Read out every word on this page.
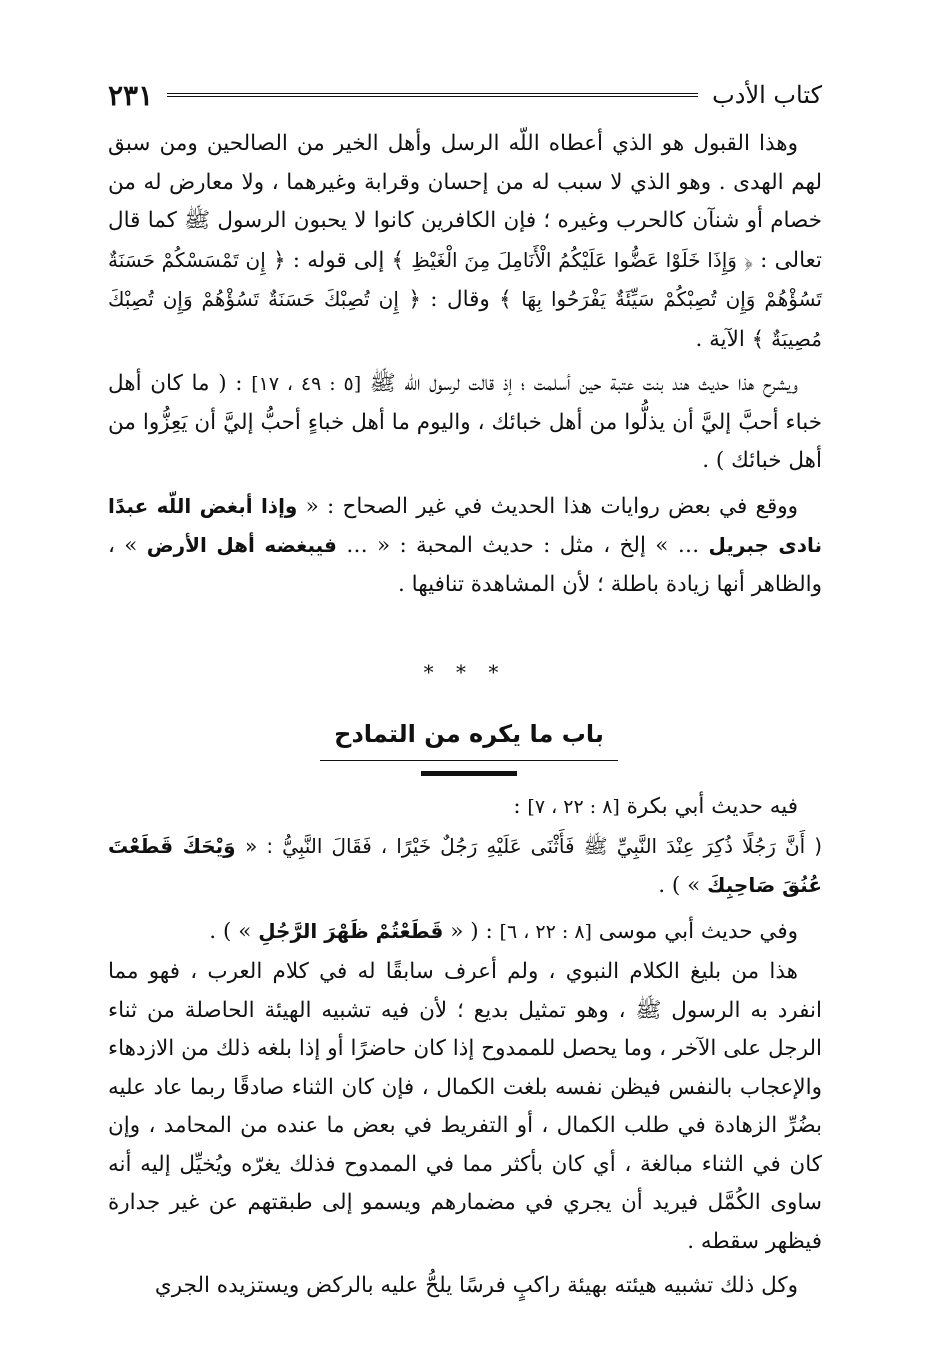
كتاب الأدب
٢٣١

وهذا القبول هو الذي أعطاه اللّه الرسل وأهل الخير من الصالحين ومن سبق لهم الهدى . وهو الذي لا سبب له من إحسان وقرابة وغيرهما ، ولا معارض له من خصام أو شنآن كالحرب وغيره ؛ فإن الكافرين كانوا لا يحبون الرسول ﷺ كما قال تعالى : ﴿ وَإِذَا خَلَوْا عَضُّوا عَلَيْكُمُ الْأَنَامِلَ مِنَ الْغَيْظِ ﴾ إلى قوله : ﴿ إِن تَمْسَسْكُمْ حَسَنَةٌ تَسُؤْهُمْ وَإِن تُصِبْكُمْ سَيِّئَةٌ يَفْرَحُوا بِهَا ﴾ وقال : ﴿ إِن تُصِبْكَ حَسَنَةٌ تَسُؤْهُمْ وَإِن تُصِبْكَ مُصِيبَةٌ ﴾ الآية .

ويشرح هذا حديث هند بنت عتبة حين أسلمت ؛ إذ قالت لرسول اللّه ﷺ [٥ : ٤٩ ، ١٧] : ( ما كان أهل خباء أحبَّ إليَّ أن يذلُّوا من أهل خبائك ، واليوم ما أهل خباءٍ أحبُّ إليَّ أن يَعِزُّوا من أهل خبائك ) .

ووقع في بعض روايات هذا الحديث في غير الصحاح : « وإذا أبغض اللّه عبدًا نادى جبريل … » إلخ ، مثل : حديث المحبة : « … فيبغضه أهل الأرض » ، والظاهر أنها زيادة باطلة ؛ لأن المشاهدة تنافيها .

* * *
باب ما يكره من التمادح

فيه حديث أبي بكرة [٨ : ٢٢ ، ٧] :

( أَنَّ رَجُلًا ذُكِرَ عِنْدَ النَّبِيِّ ﷺ فَأَثْنَى عَلَيْهِ رَجُلٌ خَيْرًا ، فَقَالَ النَّبِيُّ : « وَيْحَكَ قَطَعْتَ عُنُقَ صَاحِبِكَ » ) .

وفي حديث أبي موسى [٨ : ٢٢ ، ٦] : ( « قَطَعْتُمْ ظَهْرَ الرَّجُلِ » ) .

هذا من بليغ الكلام النبوي ، ولم أعرف سابقًا له في كلام العرب ، فهو مما انفرد به الرسول ﷺ ، وهو تمثيل بديع ؛ لأن فيه تشبيه الهيئة الحاصلة من ثناء الرجل على الآخر ، وما يحصل للممدوح إذا كان حاضرًا أو إذا بلغه ذلك من الازدهاء والإعجاب بالنفس فيظن نفسه بلغت الكمال ، فإن كان الثناء صادقًا ربما عاد عليه بضُرِّ الزهادة في طلب الكمال ، أو التفريط في بعض ما عنده من المحامد ، وإن كان في الثناء مبالغة ، أي كان بأكثر مما في الممدوح فذلك يغرّه ويُخيِّل إليه أنه ساوى الكُمَّل فيريد أن يجري في مضمارهم ويسمو إلى طبقتهم عن غير جدارة فيظهر سقطه .

وكل ذلك تشبيه هيئته بهيئة راكبٍ فرسًا يلحُّ عليه بالركض ويستزيده الجري
